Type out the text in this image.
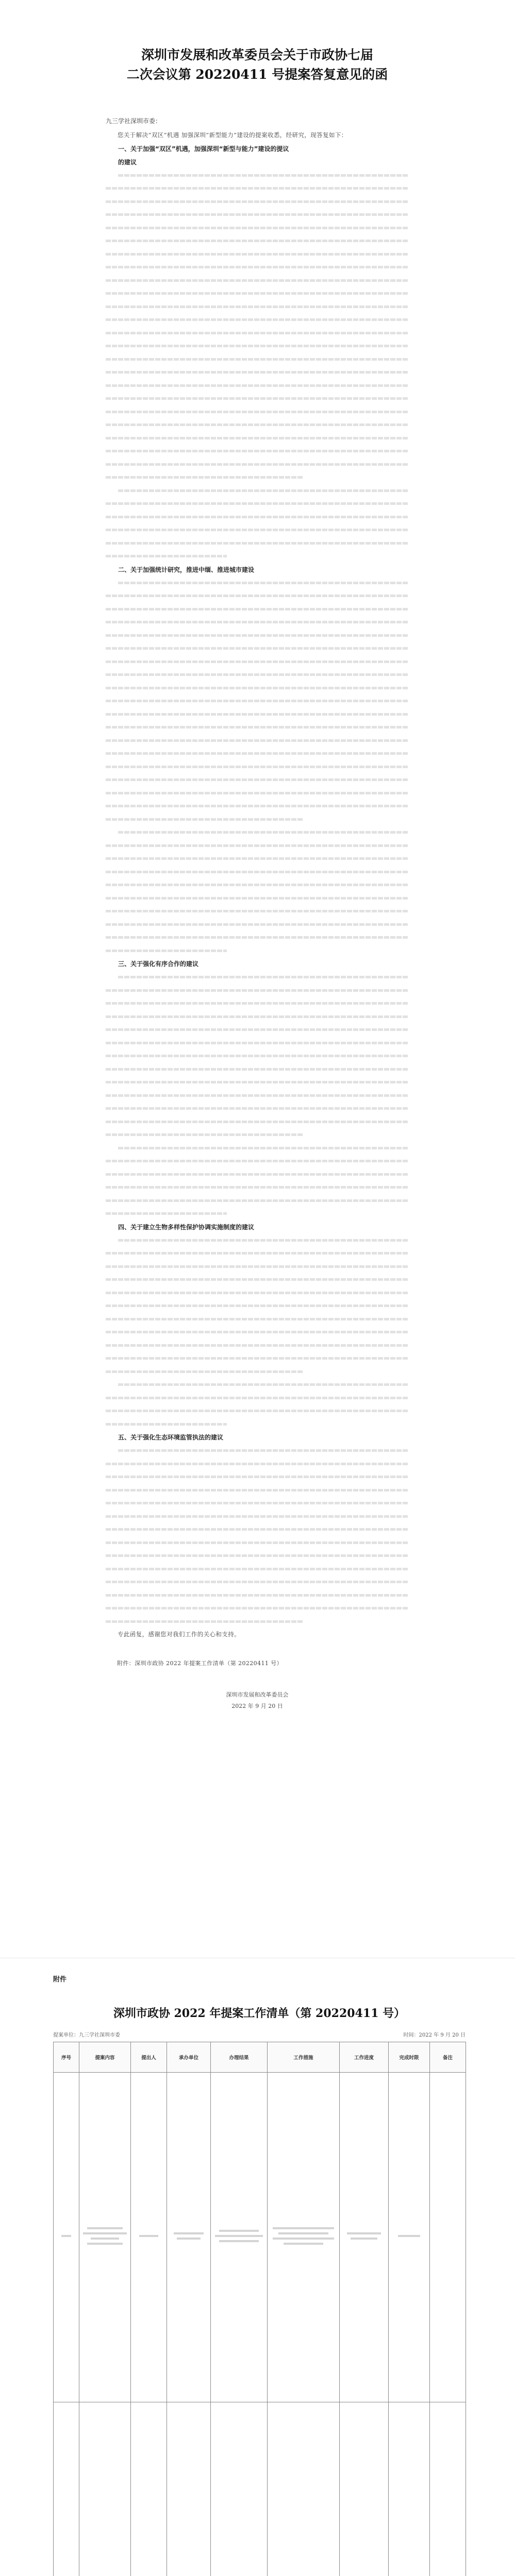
深圳市发展和改革委员会关于市政协七届
二次会议第 20220411 号提案答复意见的函
九三学社深圳市委：

您关于解决“双区”机遇 加强深圳“新型能力”建设的提案收悉，经研究，现答复如下：

一、关于加强“双区”机遇，加强深圳“新型与能力”建设的提议

的建议

二、关于加强统计研究，推进中缅、推进城市建设

三、关于强化有序合作的建议

四、关于建立生物多样性保护协调实施制度的建议

五、关于强化生态环境监管执法的建议

专此函复，感谢您对我们工作的关心和支持。

附件：深圳市政协 2022 年提案工作清单（第 20220411 号）

深圳市发展和改革委员会
2022 年 9 月 20 日
附件
深圳市政协 2022 年提案工作清单（第 20220411 号）
提案单位：九三学社深圳市委	时间：2022 年 9 月 20 日
序号	提案内容	提出人	承办单位	办理结果	工作措施	工作进度	完成时限	备注
